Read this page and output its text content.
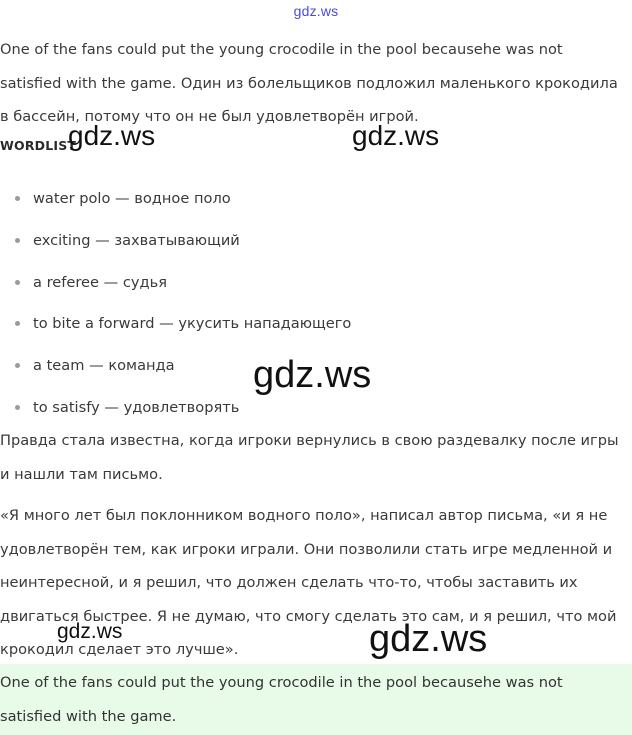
gdz.ws
One of the fans could put the young crocodile in the pool becausehe was not satisfied with the game. Один из болельщиков подложил маленького крокодила в бассейн, потому что он не был удовлетворён игрой.
WORDLIST
water polo — водное поло
exciting — захватывающий
a referee — судья
to bite a forward — укусить нападающего
a team — команда
to satisfy — удовлетворять
Правда стала известна, когда игроки вернулись в свою раздевалку после игры и нашли там письмо.
«Я много лет был поклонником водного поло», написал автор письма, «и я не удовлетворён тем, как игроки играли. Они позволили стать игре медленной и неинтересной, и я решил, что должен сделать что-то, чтобы заставить их двигаться быстрее. Я не думаю, что смогу сделать это сам, и я решил, что мой крокодил сделает это лучше».
One of the fans could put the young crocodile in the pool becausehe was not satisfied with the game.
gdz.ws	gdz.ws
gdz.ws
gdz.ws	gdz.ws
